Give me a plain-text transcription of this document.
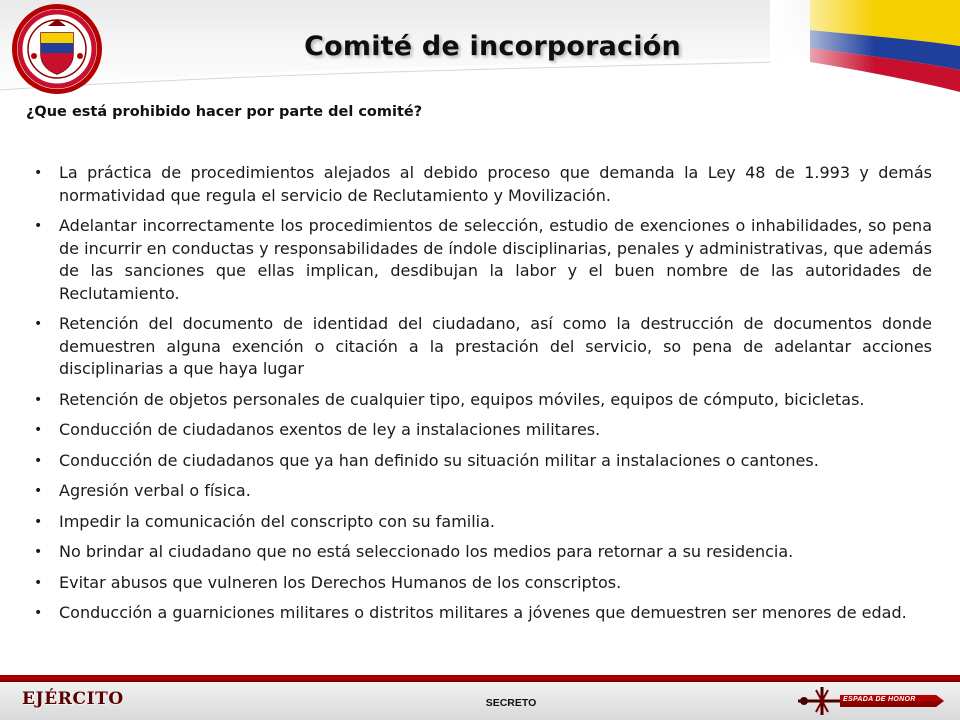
Comité de incorporación
¿Que está prohibido hacer por parte del comité?
• La práctica de procedimientos alejados al debido proceso que demanda la Ley 48 de 1.993 y demás normatividad que regula el servicio de Reclutamiento y Movilización.
• Adelantar incorrectamente los procedimientos de selección, estudio de exenciones o inhabilidades, so pena de incurrir en conductas y responsabilidades de índole disciplinarias, penales y administrativas, que además de las sanciones que ellas implican, desdibujan la labor y el buen nombre de las autoridades de Reclutamiento.
• Retención del documento de identidad del ciudadano, así como la destrucción de documentos donde demuestren alguna exención o citación a la prestación del servicio, so pena de adelantar acciones disciplinarias a que haya lugar
• Retención de objetos personales de cualquier tipo, equipos móviles, equipos de cómputo, bicicletas.
• Conducción de ciudadanos exentos de ley a instalaciones militares.
• Conducción de ciudadanos que ya han definido su situación militar a instalaciones o cantones.
• Agresión verbal o física.
• Impedir la comunicación del conscripto con su familia.
• No brindar al ciudadano que no está seleccionado los medios para retornar a su residencia.
• Evitar abusos que vulneren los Derechos Humanos de los conscriptos.
• Conducción a guarniciones militares o distritos militares a jóvenes que demuestren ser menores de edad.
EJÉRCITO	SECRETO	ESPADA DE HONOR
